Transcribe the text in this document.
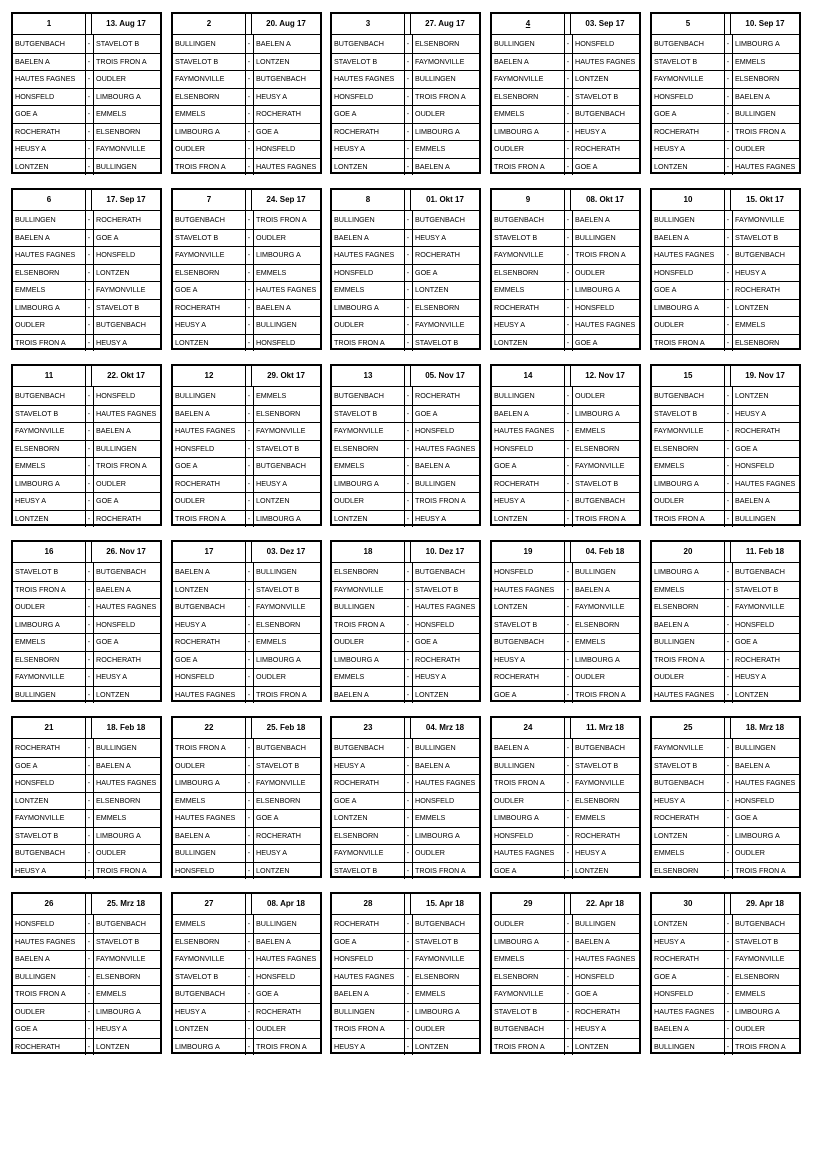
1	13. Aug 17
BUTGENBACH	- STAVELOT B
BAELEN A	- TROIS FRON A
HAUTES FAGNES	- OUDLER
HONSFELD	- LIMBOURG A
GOE A	- EMMELS
ROCHERATH	- ELSENBORN
HEUSY A	- FAYMONVILLE
LONTZEN	- BULLINGEN
2	20. Aug 17
BULLINGEN	- BAELEN A
STAVELOT B	- LONTZEN
FAYMONVILLE	- BUTGENBACH
ELSENBORN	- HEUSY A
EMMELS	- ROCHERATH
LIMBOURG A	- GOE A
OUDLER	- HONSFELD
TROIS FRON A	- HAUTES FAGNES
3	27. Aug 17
BUTGENBACH	- ELSENBORN
STAVELOT B	- FAYMONVILLE
HAUTES FAGNES	- BULLINGEN
HONSFELD	- TROIS FRON A
GOE A	- OUDLER
ROCHERATH	- LIMBOURG A
HEUSY A	- EMMELS
LONTZEN	- BAELEN A
4	03. Sep 17
BULLINGEN	- HONSFELD
BAELEN A	- HAUTES FAGNES
FAYMONVILLE	- LONTZEN
ELSENBORN	- STAVELOT B
EMMELS	- BUTGENBACH
LIMBOURG A	- HEUSY A
OUDLER	- ROCHERATH
TROIS FRON A	- GOE A
5	10. Sep 17
BUTGENBACH	- LIMBOURG A
STAVELOT B	- EMMELS
FAYMONVILLE	- ELSENBORN
HONSFELD	- BAELEN A
GOE A	- BULLINGEN
ROCHERATH	- TROIS FRON A
HEUSY A	- OUDLER
LONTZEN	- HAUTES FAGNES
6	17. Sep 17
BULLINGEN	- ROCHERATH
BAELEN A	- GOE A
HAUTES FAGNES	- HONSFELD
ELSENBORN	- LONTZEN
EMMELS	- FAYMONVILLE
LIMBOURG A	- STAVELOT B
OUDLER	- BUTGENBACH
TROIS FRON A	- HEUSY A
7	24. Sep 17
BUTGENBACH	- TROIS FRON A
STAVELOT B	- OUDLER
FAYMONVILLE	- LIMBOURG A
ELSENBORN	- EMMELS
GOE A	- HAUTES FAGNES
ROCHERATH	- BAELEN A
HEUSY A	- BULLINGEN
LONTZEN	- HONSFELD
8	01. Okt 17
BULLINGEN	- BUTGENBACH
BAELEN A	- HEUSY A
HAUTES FAGNES	- ROCHERATH
HONSFELD	- GOE A
EMMELS	- LONTZEN
LIMBOURG A	- ELSENBORN
OUDLER	- FAYMONVILLE
TROIS FRON A	- STAVELOT B
9	08. Okt 17
BUTGENBACH	- BAELEN A
STAVELOT B	- BULLINGEN
FAYMONVILLE	- TROIS FRON A
ELSENBORN	- OUDLER
EMMELS	- LIMBOURG A
ROCHERATH	- HONSFELD
HEUSY A	- HAUTES FAGNES
LONTZEN	- GOE A
10	15. Okt 17
BULLINGEN	- FAYMONVILLE
BAELEN A	- STAVELOT B
HAUTES FAGNES	- BUTGENBACH
HONSFELD	- HEUSY A
GOE A	- ROCHERATH
LIMBOURG A	- LONTZEN
OUDLER	- EMMELS
TROIS FRON A	- ELSENBORN
11	22. Okt 17
BUTGENBACH	- HONSFELD
STAVELOT B	- HAUTES FAGNES
FAYMONVILLE	- BAELEN A
ELSENBORN	- BULLINGEN
EMMELS	- TROIS FRON A
LIMBOURG A	- OUDLER
HEUSY A	- GOE A
LONTZEN	- ROCHERATH
12	29. Okt 17
BULLINGEN	- EMMELS
BAELEN A	- ELSENBORN
HAUTES FAGNES	- FAYMONVILLE
HONSFELD	- STAVELOT B
GOE A	- BUTGENBACH
ROCHERATH	- HEUSY A
OUDLER	- LONTZEN
TROIS FRON A	- LIMBOURG A
13	05. Nov 17
BUTGENBACH	- ROCHERATH
STAVELOT B	- GOE A
FAYMONVILLE	- HONSFELD
ELSENBORN	- HAUTES FAGNES
EMMELS	- BAELEN A
LIMBOURG A	- BULLINGEN
OUDLER	- TROIS FRON A
LONTZEN	- HEUSY A
14	12. Nov 17
BULLINGEN	- OUDLER
BAELEN A	- LIMBOURG A
HAUTES FAGNES	- EMMELS
HONSFELD	- ELSENBORN
GOE A	- FAYMONVILLE
ROCHERATH	- STAVELOT B
HEUSY A	- BUTGENBACH
LONTZEN	- TROIS FRON A
15	19. Nov 17
BUTGENBACH	- LONTZEN
STAVELOT B	- HEUSY A
FAYMONVILLE	- ROCHERATH
ELSENBORN	- GOE A
EMMELS	- HONSFELD
LIMBOURG A	- HAUTES FAGNES
OUDLER	- BAELEN A
TROIS FRON A	- BULLINGEN
16	26. Nov 17
STAVELOT B	- BUTGENBACH
TROIS FRON A	- BAELEN A
OUDLER	- HAUTES FAGNES
LIMBOURG A	- HONSFELD
EMMELS	- GOE A
ELSENBORN	- ROCHERATH
FAYMONVILLE	- HEUSY A
BULLINGEN	- LONTZEN
17	03. Dez 17
BAELEN A	- BULLINGEN
LONTZEN	- STAVELOT B
BUTGENBACH	- FAYMONVILLE
HEUSY A	- ELSENBORN
ROCHERATH	- EMMELS
GOE A	- LIMBOURG A
HONSFELD	- OUDLER
HAUTES FAGNES	- TROIS FRON A
18	10. Dez 17
ELSENBORN	- BUTGENBACH
FAYMONVILLE	- STAVELOT B
BULLINGEN	- HAUTES FAGNES
TROIS FRON A	- HONSFELD
OUDLER	- GOE A
LIMBOURG A	- ROCHERATH
EMMELS	- HEUSY A
BAELEN A	- LONTZEN
19	04. Feb 18
HONSFELD	- BULLINGEN
HAUTES FAGNES	- BAELEN A
LONTZEN	- FAYMONVILLE
STAVELOT B	- ELSENBORN
BUTGENBACH	- EMMELS
HEUSY A	- LIMBOURG A
ROCHERATH	- OUDLER
GOE A	- TROIS FRON A
20	11. Feb 18
LIMBOURG A	- BUTGENBACH
EMMELS	- STAVELOT B
ELSENBORN	- FAYMONVILLE
BAELEN A	- HONSFELD
BULLINGEN	- GOE A
TROIS FRON A	- ROCHERATH
OUDLER	- HEUSY A
HAUTES FAGNES	- LONTZEN
21	18. Feb 18
ROCHERATH	- BULLINGEN
GOE A	- BAELEN A
HONSFELD	- HAUTES FAGNES
LONTZEN	- ELSENBORN
FAYMONVILLE	- EMMELS
STAVELOT B	- LIMBOURG A
BUTGENBACH	- OUDLER
HEUSY A	- TROIS FRON A
22	25. Feb 18
TROIS FRON A	- BUTGENBACH
OUDLER	- STAVELOT B
LIMBOURG A	- FAYMONVILLE
EMMELS	- ELSENBORN
HAUTES FAGNES	- GOE A
BAELEN A	- ROCHERATH
BULLINGEN	- HEUSY A
HONSFELD	- LONTZEN
23	04. Mrz 18
BUTGENBACH	- BULLINGEN
HEUSY A	- BAELEN A
ROCHERATH	- HAUTES FAGNES
GOE A	- HONSFELD
LONTZEN	- EMMELS
ELSENBORN	- LIMBOURG A
FAYMONVILLE	- OUDLER
STAVELOT B	- TROIS FRON A
24	11. Mrz 18
BAELEN A	- BUTGENBACH
BULLINGEN	- STAVELOT B
TROIS FRON A	- FAYMONVILLE
OUDLER	- ELSENBORN
LIMBOURG A	- EMMELS
HONSFELD	- ROCHERATH
HAUTES FAGNES	- HEUSY A
GOE A	- LONTZEN
25	18. Mrz 18
FAYMONVILLE	- BULLINGEN
STAVELOT B	- BAELEN A
BUTGENBACH	- HAUTES FAGNES
HEUSY A	- HONSFELD
ROCHERATH	- GOE A
LONTZEN	- LIMBOURG A
EMMELS	- OUDLER
ELSENBORN	- TROIS FRON A
26	25. Mrz 18
HONSFELD	- BUTGENBACH
HAUTES FAGNES	- STAVELOT B
BAELEN A	- FAYMONVILLE
BULLINGEN	- ELSENBORN
TROIS FRON A	- EMMELS
OUDLER	- LIMBOURG A
GOE A	- HEUSY A
ROCHERATH	- LONTZEN
27	08. Apr 18
EMMELS	- BULLINGEN
ELSENBORN	- BAELEN A
FAYMONVILLE	- HAUTES FAGNES
STAVELOT B	- HONSFELD
BUTGENBACH	- GOE A
HEUSY A	- ROCHERATH
LONTZEN	- OUDLER
LIMBOURG A	- TROIS FRON A
28	15. Apr 18
ROCHERATH	- BUTGENBACH
GOE A	- STAVELOT B
HONSFELD	- FAYMONVILLE
HAUTES FAGNES	- ELSENBORN
BAELEN A	- EMMELS
BULLINGEN	- LIMBOURG A
TROIS FRON A	- OUDLER
HEUSY A	- LONTZEN
29	22. Apr 18
OUDLER	- BULLINGEN
LIMBOURG A	- BAELEN A
EMMELS	- HAUTES FAGNES
ELSENBORN	- HONSFELD
FAYMONVILLE	- GOE A
STAVELOT B	- ROCHERATH
BUTGENBACH	- HEUSY A
TROIS FRON A	- LONTZEN
30	29. Apr 18
LONTZEN	- BUTGENBACH
HEUSY A	- STAVELOT B
ROCHERATH	- FAYMONVILLE
GOE A	- ELSENBORN
HONSFELD	- EMMELS
HAUTES FAGNES	- LIMBOURG A
BAELEN A	- OUDLER
BULLINGEN	- TROIS FRON A
